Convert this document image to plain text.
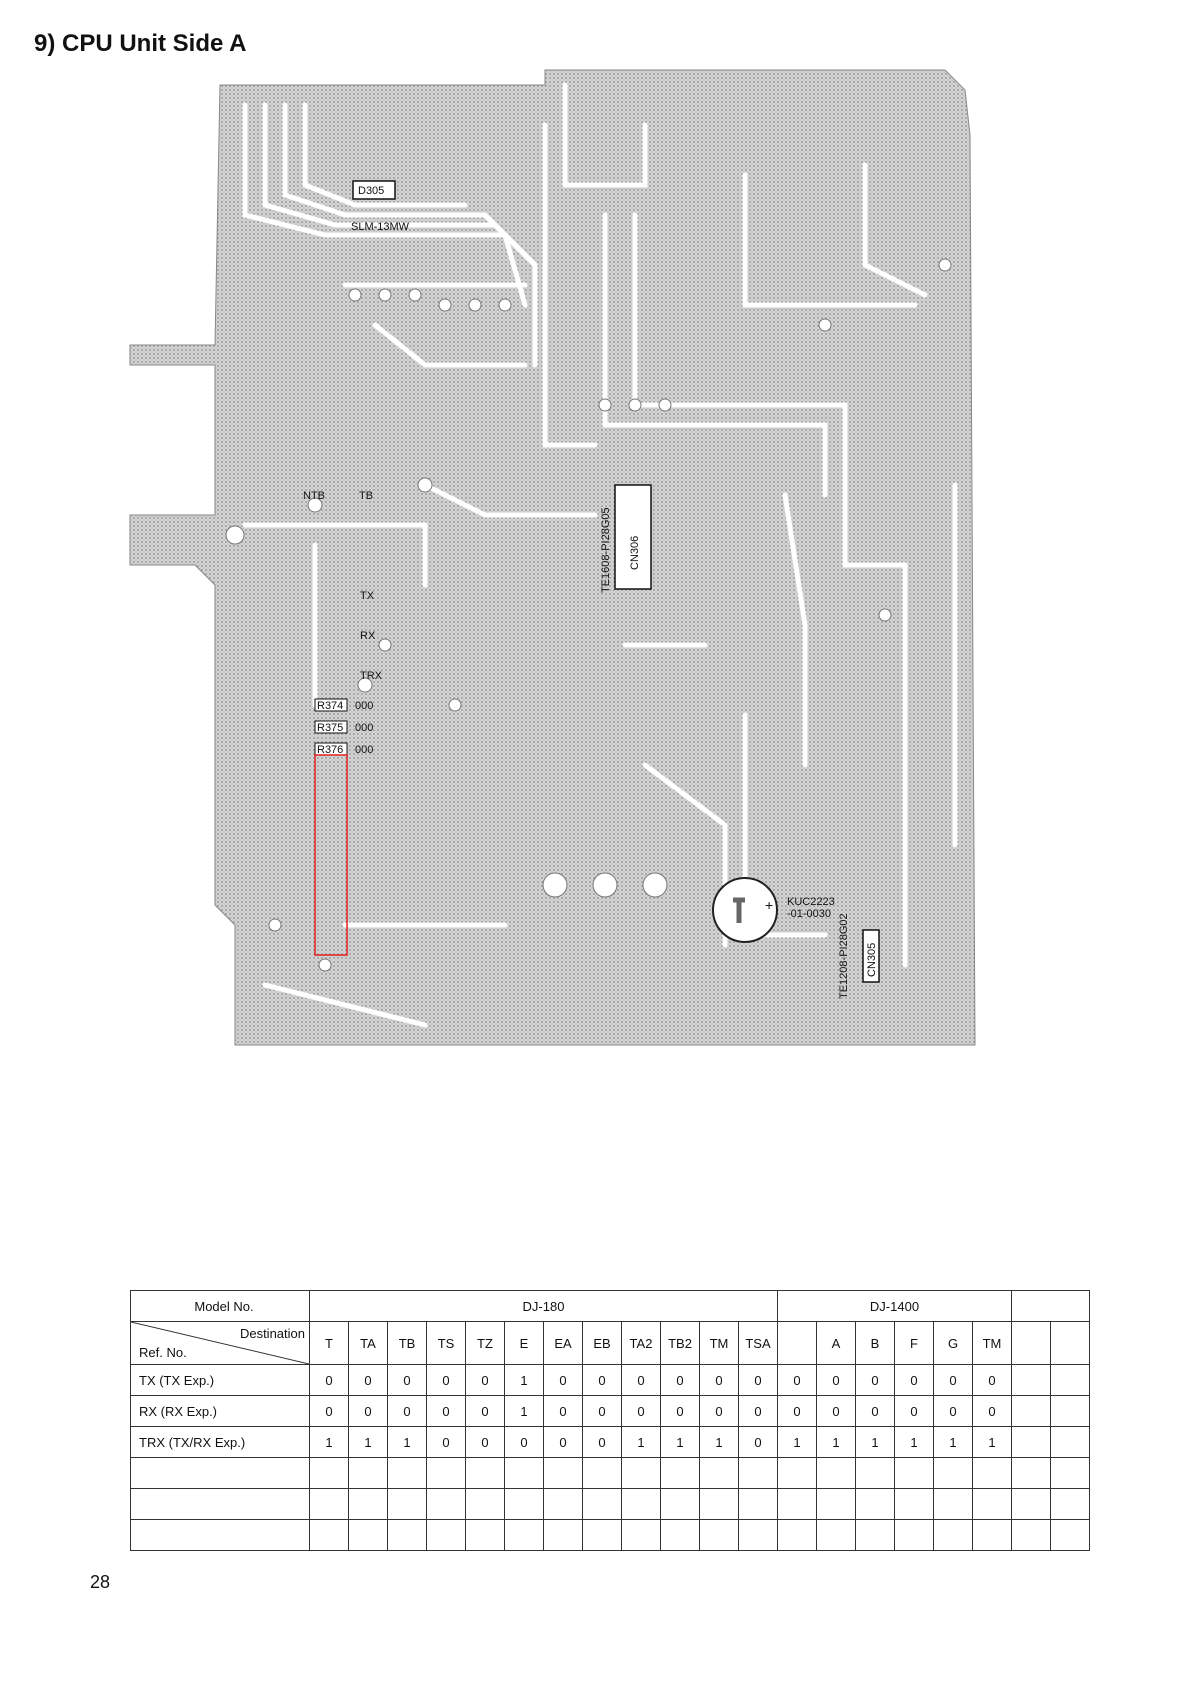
9) CPU Unit Side A
+ KUC2223
-01-0030
D305
SLM-13MW
NTB	TB
TX
RX
TRX
R374 000
R375 000
R376 000
CN306
TE1608-PI28G05
CN305
TE1208-PI28G02
Model No.	DJ-180												DJ-1400							

Destination
Ref. No.	T	TA	TB	TS	TZ	E	EA	EB	TA2	TB2	TM	TSA		A	B	F	G	TM		
TX (TX Exp.)	0	0	0	0	0	1	0	0	0	0	0	0	0	0	0	0	0	0		
RX (RX Exp.)	0	0	0	0	0	1	0	0	0	0	0	0	0	0	0	0	0	0		
TRX (TX/RX Exp.)	1	1	1	0	0	0	0	0	1	1	1	0	1	1	1	1	1	1		

28
